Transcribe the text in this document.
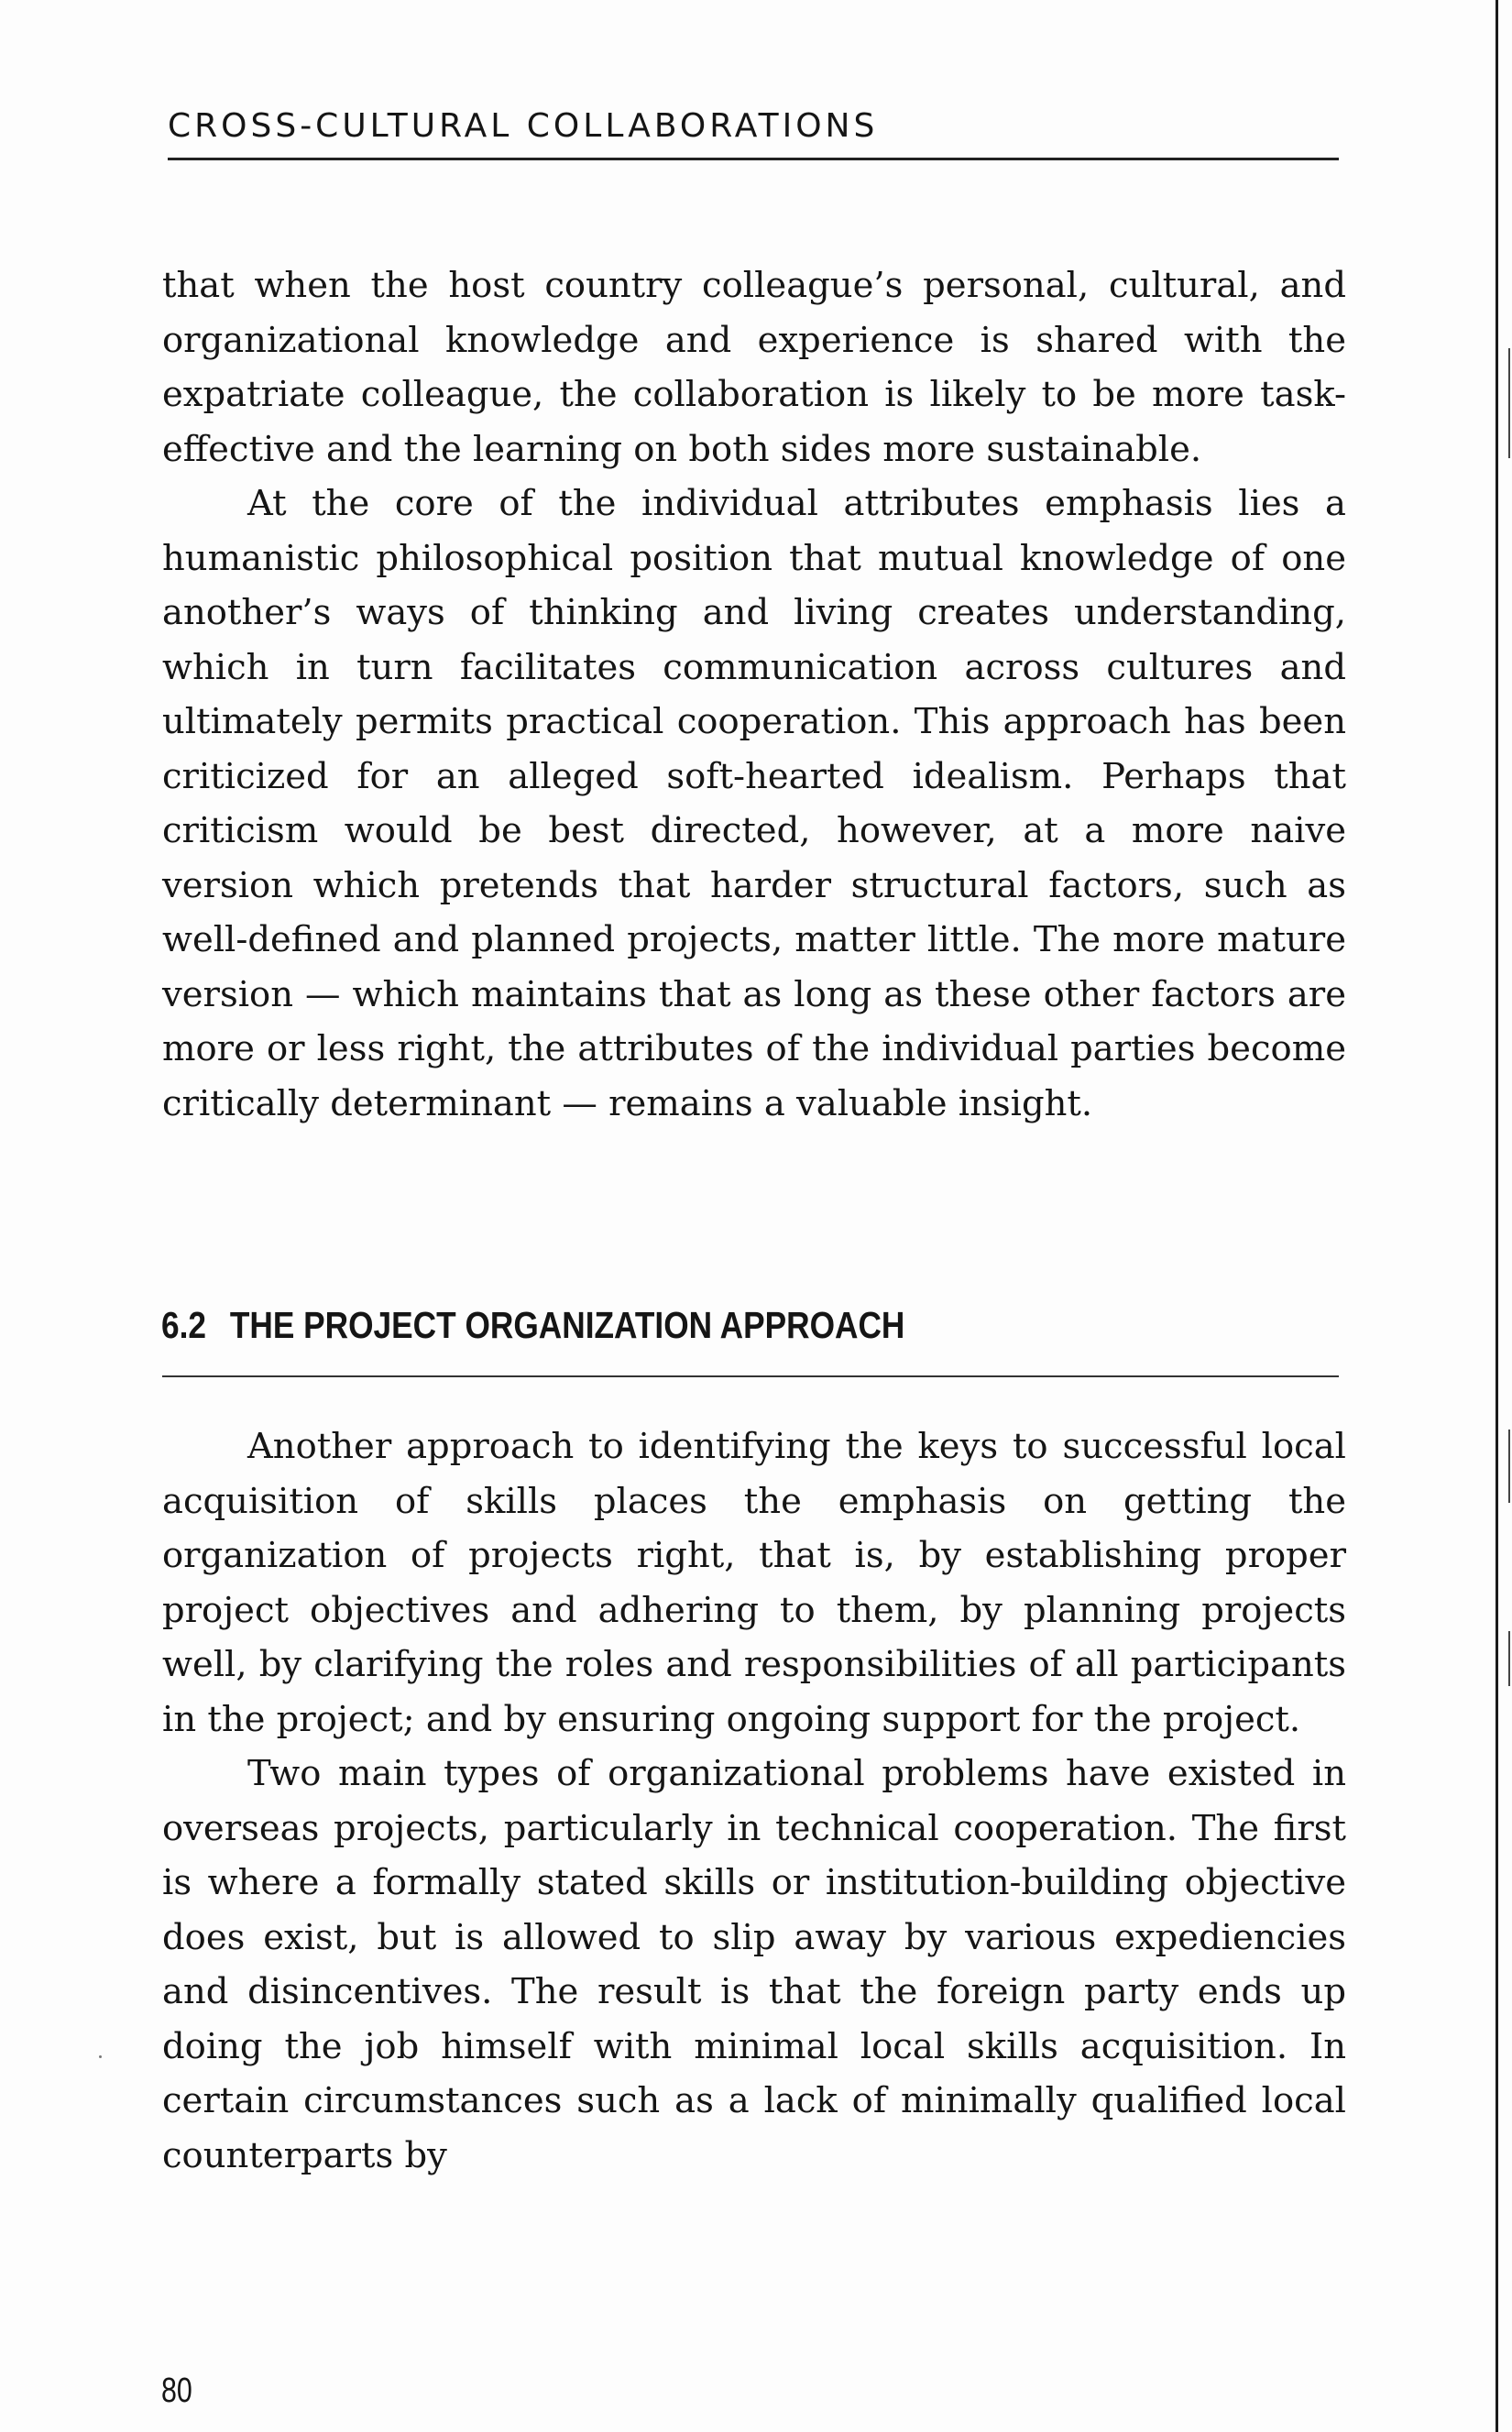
CROSS-CULTURAL COLLABORATIONS

that when the host country colleague’s personal, cultural, and organizational knowledge and experience is shared with the expatriate colleague, the collaboration is likely to be more task-effective and the learning on both sides more sustainable.

At the core of the individual attributes emphasis lies a humanistic philosophical position that mutual knowledge of one another’s ways of thinking and living creates understanding, which in turn facilitates communication across cultures and ultimately permits practical cooperation. This approach has been criticized for an alleged soft-hearted idealism. Perhaps that criticism would be best directed, however, at a more naive version which pretends that harder structural factors, such as well-defined and planned projects, matter little. The more mature version — which maintains that as long as these other factors are more or less right, the attributes of the individual parties become critically determinant — remains a valuable insight.

6.2 THE PROJECT ORGANIZATION APPROACH

Another approach to identifying the keys to successful local acquisition of skills places the emphasis on getting the organization of projects right, that is, by establishing proper project objectives and adhering to them, by planning projects well, by clarifying the roles and responsibilities of all participants in the project; and by ensuring ongoing support for the project.

Two main types of organizational problems have existed in overseas projects, particularly in technical cooperation. The first is where a formally stated skills or institution-building objective does exist, but is allowed to slip away by various expediencies and disincentives. The result is that the foreign party ends up doing the job himself with minimal local skills acquisition. In certain circumstances such as a lack of minimally qualified local counterparts by

80
